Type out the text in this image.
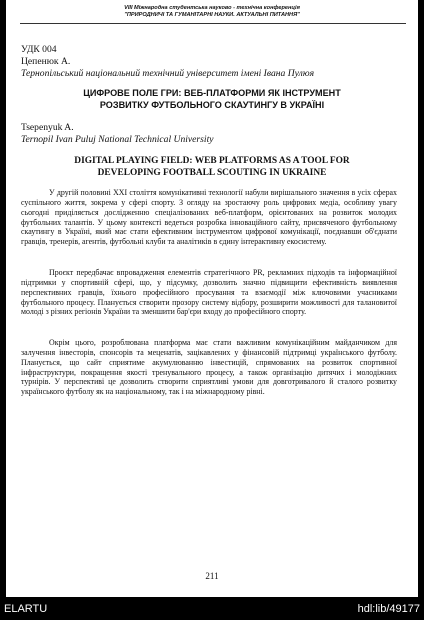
VIII Міжнародна студентська науково - технічна конференція
"ПРИРОДНИЧІ ТА ГУМАНІТАРНІ НАУКИ. АКТУАЛЬНІ ПИТАННЯ"
УДК 004
Цепенюк А.
Тернопільський національний технічний університет імені Івана Пулюя
ЦИФРОВЕ ПОЛЕ ГРИ: ВЕБ-ПЛАТФОРМИ ЯК ІНСТРУМЕНТ
РОЗВИТКУ ФУТБОЛЬНОГО СКАУТИНГУ В УКРАЇНІ
Tsepenyuk A.
Ternopil Ivan Puluj National Technical University
DIGITAL PLAYING FIELD: WEB PLATFORMS AS A TOOL FOR
DEVELOPING FOOTBALL SCOUTING IN UKRAINE

У другій половині XXI століття комунікативні технології набули вирішального значення в усіх сферах суспільного життя, зокрема у сфері спорту. З огляду на зростаючу роль цифрових медіа, особливу увагу сьогодні приділяється дослідженню спеціалізованих веб-платформ, орієнтованих на розвиток молодих футбольних талантів. У цьому контексті ведеться розробка інноваційного сайту, присвяченого футбольному скаутингу в Україні, який має стати ефективним інструментом цифрової комунікації, поєднавши об'єднати гравців, тренерів, агентів, футбольні клуби та аналітиків в єдину інтерактивну екосистему.

Проєкт передбачає впровадження елементів стратегічного PR, рекламних підходів та інформаційної підтримки у спортивній сфері, що, у підсумку, дозволить значно підвищити ефективність виявлення перспективних гравців, їхнього професійного просування та взаємодії між ключовими учасниками футбольного процесу. Планується створити прозору систему відбору, розширити можливості для талановитої молоді з різних регіонів України та зменшити бар'єри входу до професійного спорту.

Окрім цього, розроблювана платформа має стати важливим комунікаційним майданчиком для залучення інвесторів, спонсорів та меценатів, зацікавлених у фінансовій підтримці українського футболу. Планується, що сайт сприятиме акумулюванню інвестицій, спрямованих на розвиток спортивної інфраструктури, покращення якості тренувального процесу, а також організацію дитячих і молодіжних турнірів. У перспективі це дозволить створити сприятливі умови для довготривалого й сталого розвитку українського футболу як на національному, так і на міжнародному рівні.

211
ELARTU	hdl:lib/49177
